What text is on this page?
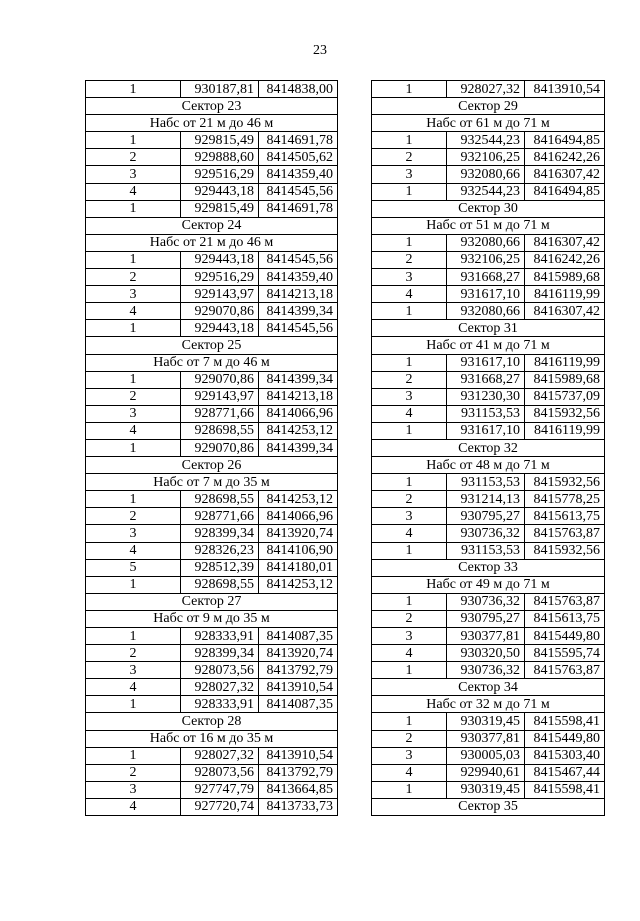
23
1	930187,81	8414838,00
Сектор 23		
Набс от 21 м до 46 м		
1	929815,49	8414691,78
2	929888,60	8414505,62
3	929516,29	8414359,40
4	929443,18	8414545,56
1	929815,49	8414691,78
Сектор 24		
Набс от 21 м до 46 м		
1	929443,18	8414545,56
2	929516,29	8414359,40
3	929143,97	8414213,18
4	929070,86	8414399,34
1	929443,18	8414545,56
Сектор 25		
Набс от 7 м до 46 м		
1	929070,86	8414399,34
2	929143,97	8414213,18
3	928771,66	8414066,96
4	928698,55	8414253,12
1	929070,86	8414399,34
Сектор 26		
Набс от 7 м до 35 м		
1	928698,55	8414253,12
2	928771,66	8414066,96
3	928399,34	8413920,74
4	928326,23	8414106,90
5	928512,39	8414180,01
1	928698,55	8414253,12
Сектор 27		
Набс от 9 м до 35 м		
1	928333,91	8414087,35
2	928399,34	8413920,74
3	928073,56	8413792,79
4	928027,32	8413910,54
1	928333,91	8414087,35
Сектор 28		
Набс от 16 м до 35 м		
1	928027,32	8413910,54
2	928073,56	8413792,79
3	927747,79	8413664,85
4	927720,74	8413733,73
1	928027,32	8413910,54
Сектор 29		
Набс от 61 м до 71 м		
1	932544,23	8416494,85
2	932106,25	8416242,26
3	932080,66	8416307,42
1	932544,23	8416494,85
Сектор 30		
Набс от 51 м до 71 м		
1	932080,66	8416307,42
2	932106,25	8416242,26
3	931668,27	8415989,68
4	931617,10	8416119,99
1	932080,66	8416307,42
Сектор 31		
Набс от 41 м до 71 м		
1	931617,10	8416119,99
2	931668,27	8415989,68
3	931230,30	8415737,09
4	931153,53	8415932,56
1	931617,10	8416119,99
Сектор 32		
Набс от 48 м до 71 м		
1	931153,53	8415932,56
2	931214,13	8415778,25
3	930795,27	8415613,75
4	930736,32	8415763,87
1	931153,53	8415932,56
Сектор 33		
Набс от 49 м до 71 м		
1	930736,32	8415763,87
2	930795,27	8415613,75
3	930377,81	8415449,80
4	930320,50	8415595,74
1	930736,32	8415763,87
Сектор 34		
Набс от 32 м до 71 м		
1	930319,45	8415598,41
2	930377,81	8415449,80
3	930005,03	8415303,40
4	929940,61	8415467,44
1	930319,45	8415598,41
Сектор 35		
